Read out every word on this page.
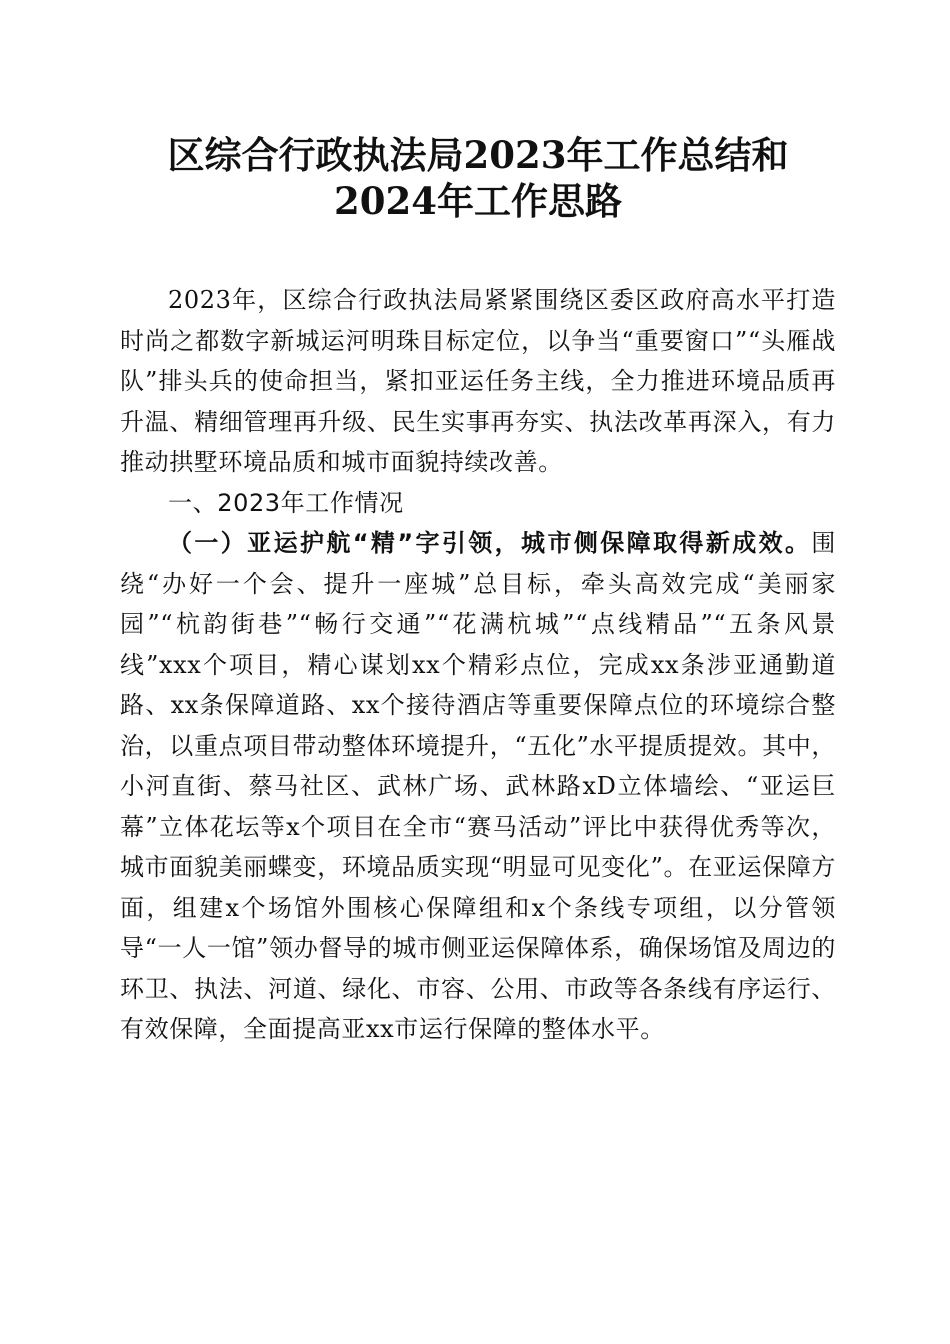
区综合行政执法局2023年工作总结和2024年工作思路

2023年，区综合行政执法局紧紧围绕区委区政府高水平打造时尚之都数字新城运河明珠目标定位，以争当“重要窗口”“头雁战队”排头兵的使命担当，紧扣亚运任务主线，全力推进环境品质再升温、精细管理再升级、民生实事再夯实、执法改革再深入，有力推动拱墅环境品质和城市面貌持续改善。

一、2023年工作情况

（一）亚运护航“精”字引领，城市侧保障取得新成效。围绕“办好一个会、提升一座城”总目标，牵头高效完成“美丽家园”“杭韵街巷”“畅行交通”“花满杭城”“点线精品”“五条风景线”xxx个项目，精心谋划xx个精彩点位，完成xx条涉亚通勤道路、xx条保障道路、xx个接待酒店等重要保障点位的环境综合整治，以重点项目带动整体环境提升，“五化”水平提质提效。其中，小河直街、蔡马社区、武林广场、武林路xD立体墙绘、“亚运巨幕”立体花坛等x个项目在全市“赛马活动”评比中获得优秀等次，城市面貌美丽蝶变，环境品质实现“明显可见变化”。在亚运保障方面，组建x个场馆外围核心保障组和x个条线专项组，以分管领导“一人一馆”领办督导的城市侧亚运保障体系，确保场馆及周边的环卫、执法、河道、绿化、市容、公用、市政等各条线有序运行、有效保障，全面提高亚xx市运行保障的整体水平。
